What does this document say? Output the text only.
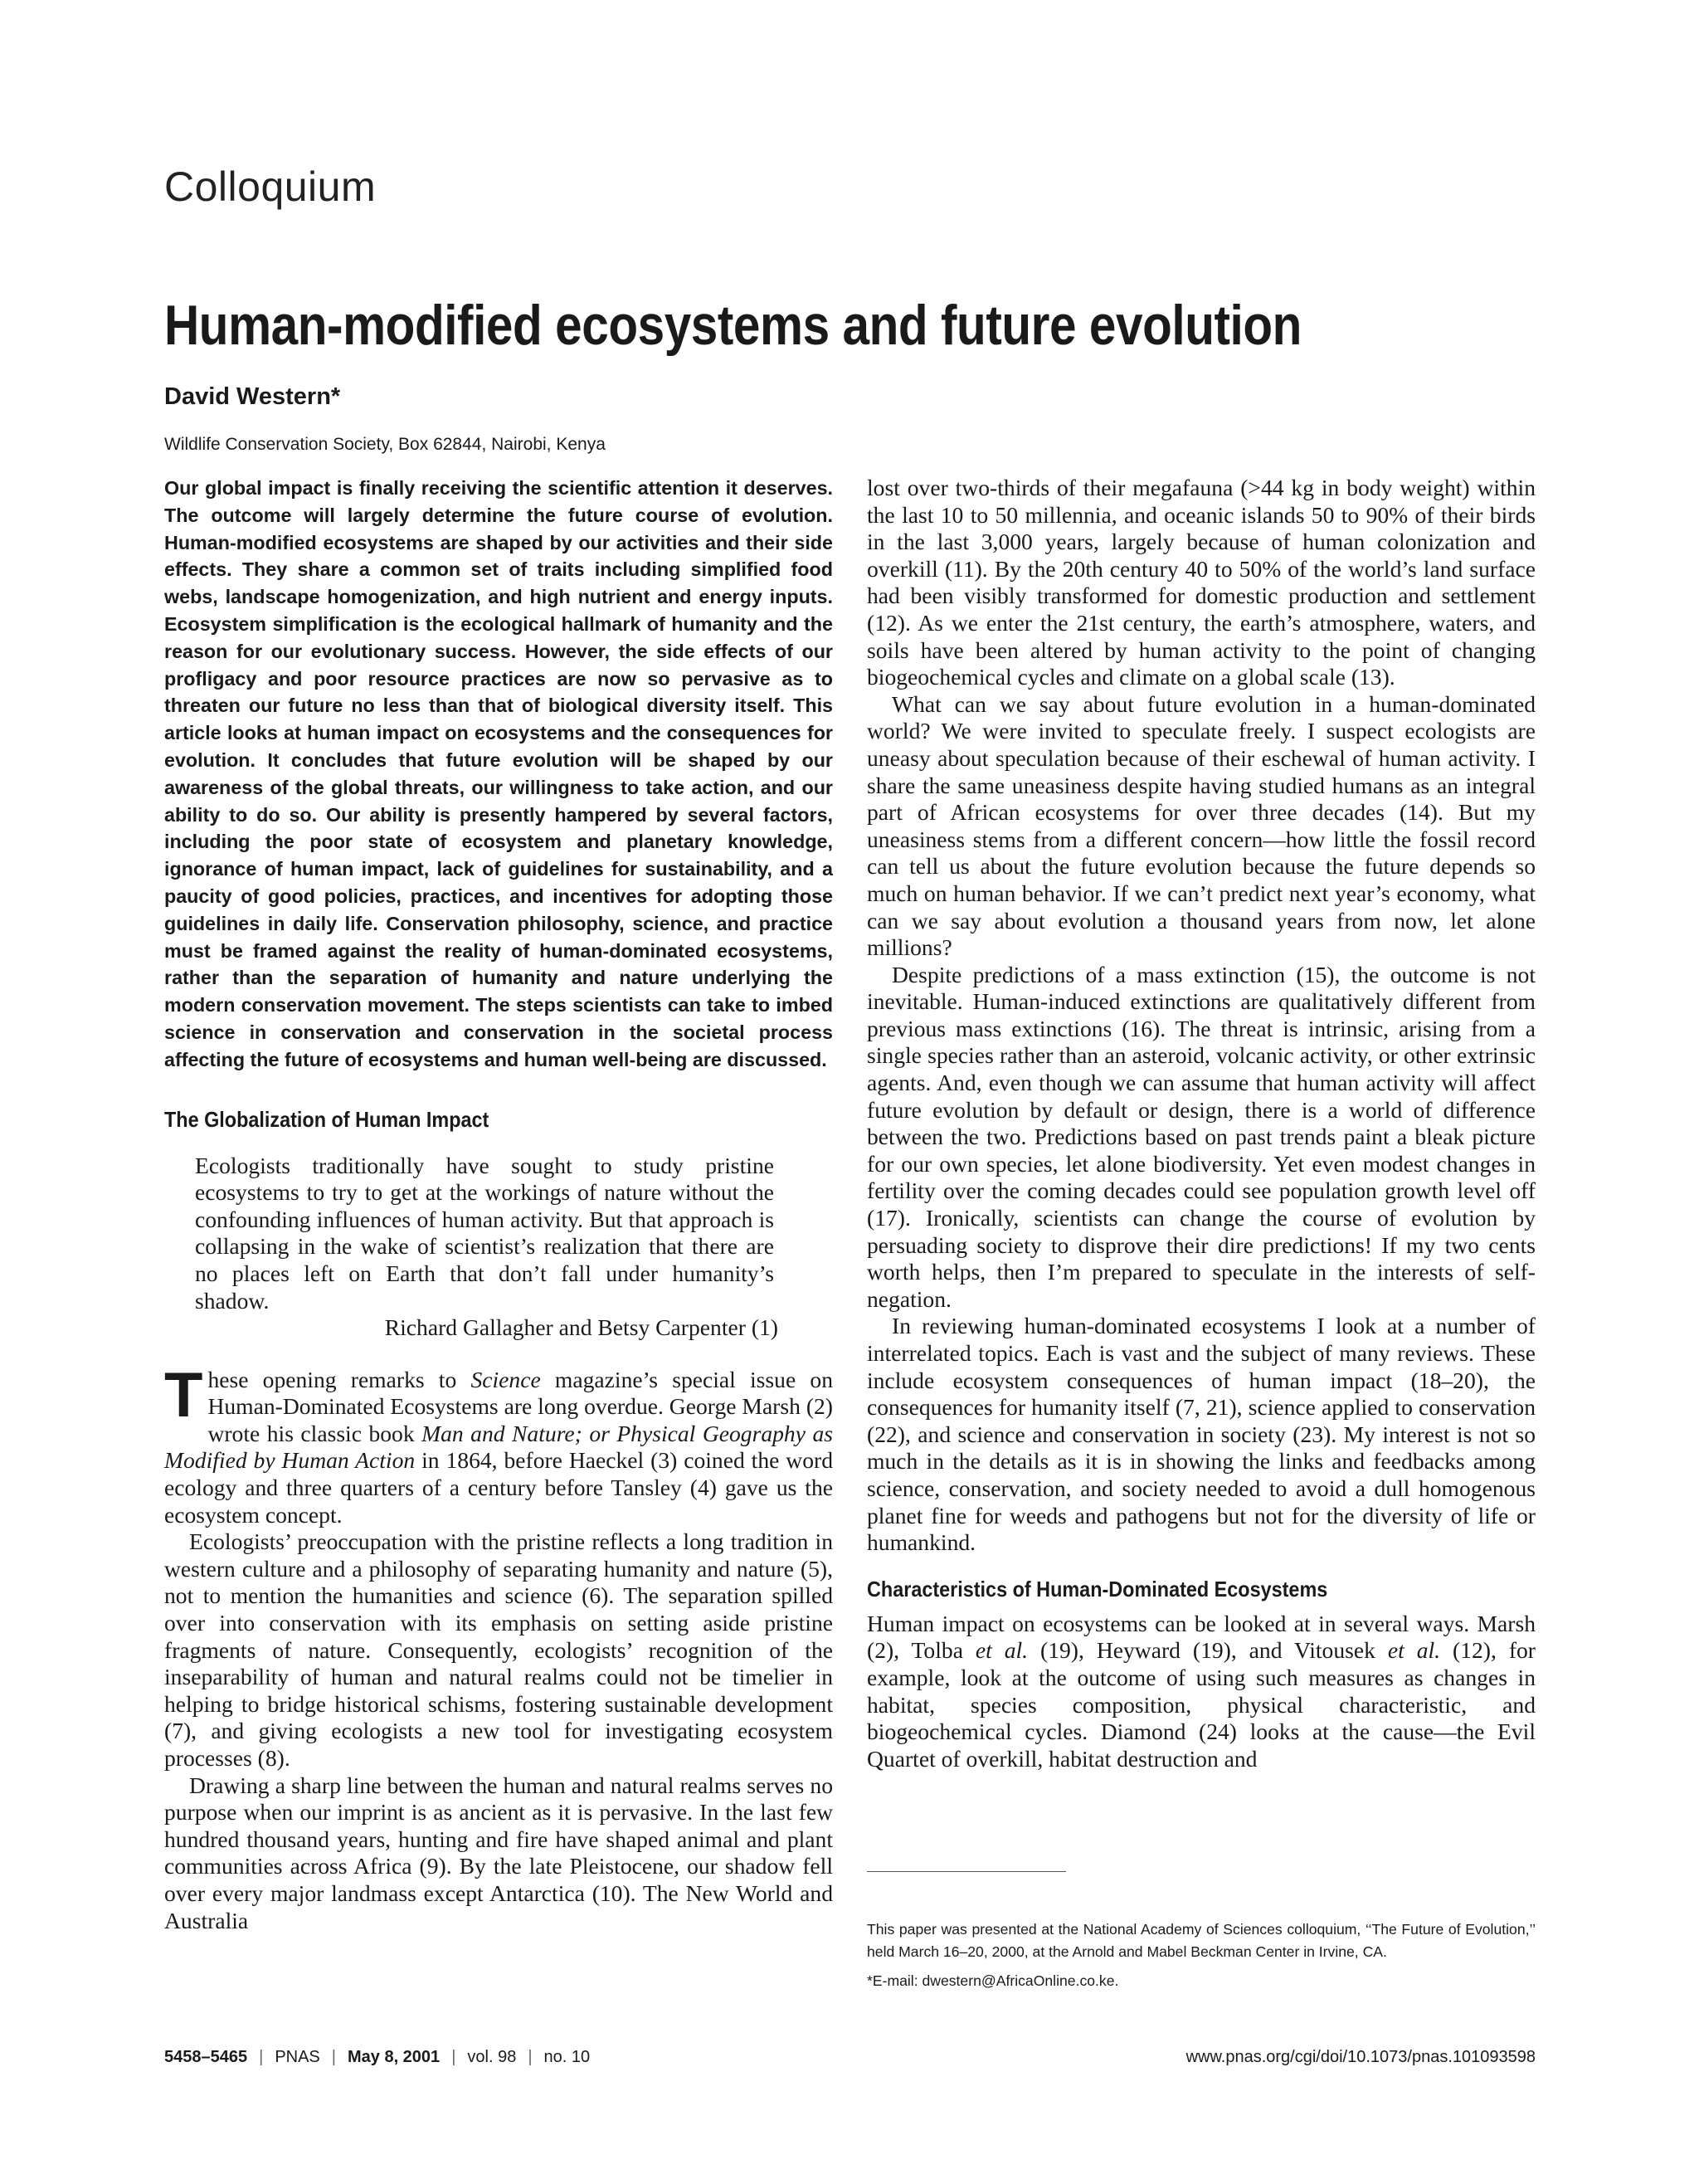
Colloquium
Human-modified ecosystems and future evolution
David Western*
Wildlife Conservation Society, Box 62844, Nairobi, Kenya

Our global impact is finally receiving the scientific attention it deserves. The outcome will largely determine the future course of evolution. Human-modified ecosystems are shaped by our activities and their side effects. They share a common set of traits including simplified food webs, landscape homogenization, and high nutrient and energy inputs. Ecosystem simplification is the ecological hallmark of humanity and the reason for our evolutionary success. However, the side effects of our profligacy and poor resource practices are now so pervasive as to threaten our future no less than that of biological diversity itself. This article looks at human impact on ecosystems and the consequences for evolution. It concludes that future evolution will be shaped by our awareness of the global threats, our willingness to take action, and our ability to do so. Our ability is presently hampered by several factors, including the poor state of ecosystem and planetary knowledge, ignorance of human impact, lack of guidelines for sustainability, and a paucity of good policies, practices, and incentives for adopting those guidelines in daily life. Conservation philosophy, science, and practice must be framed against the reality of human-dominated ecosystems, rather than the separation of humanity and nature underlying the modern conservation movement. The steps scientists can take to imbed science in conservation and conservation in the societal process affecting the future of ecosystems and human well-being are discussed.

The Globalization of Human Impact

Ecologists traditionally have sought to study pristine ecosystems to try to get at the workings of nature without the confounding influences of human activity. But that approach is collapsing in the wake of scientist’s realization that there are no places left on Earth that don’t fall under humanity’s shadow.

Richard Gallagher and Betsy Carpenter (1)

These opening remarks to Science magazine’s special issue on Human-Dominated Ecosystems are long overdue. George Marsh (2) wrote his classic book Man and Nature; or Physical Geography as Modified by Human Action in 1864, before Haeckel (3) coined the word ecology and three quarters of a century before Tansley (4) gave us the ecosystem concept.

Ecologists’ preoccupation with the pristine reflects a long tradition in western culture and a philosophy of separating humanity and nature (5), not to mention the humanities and science (6). The separation spilled over into conservation with its emphasis on setting aside pristine fragments of nature. Consequently, ecologists’ recognition of the inseparability of human and natural realms could not be timelier in helping to bridge historical schisms, fostering sustainable development (7), and giving ecologists a new tool for investigating ecosystem processes (8).

Drawing a sharp line between the human and natural realms serves no purpose when our imprint is as ancient as it is pervasive. In the last few hundred thousand years, hunting and fire have shaped animal and plant communities across Africa (9). By the late Pleistocene, our shadow fell over every major landmass except Antarctica (10). The New World and Australia

lost over two-thirds of their megafauna (>44 kg in body weight) within the last 10 to 50 millennia, and oceanic islands 50 to 90% of their birds in the last 3,000 years, largely because of human colonization and overkill (11). By the 20th century 40 to 50% of the world’s land surface had been visibly transformed for domestic production and settlement (12). As we enter the 21st century, the earth’s atmosphere, waters, and soils have been altered by human activity to the point of changing biogeochemical cycles and climate on a global scale (13).

What can we say about future evolution in a human-dominated world? We were invited to speculate freely. I suspect ecologists are uneasy about speculation because of their eschewal of human activity. I share the same uneasiness despite having studied humans as an integral part of African ecosystems for over three decades (14). But my uneasiness stems from a different concern—how little the fossil record can tell us about the future evolution because the future depends so much on human behavior. If we can’t predict next year’s economy, what can we say about evolution a thousand years from now, let alone millions?

Despite predictions of a mass extinction (15), the outcome is not inevitable. Human-induced extinctions are qualitatively different from previous mass extinctions (16). The threat is intrinsic, arising from a single species rather than an asteroid, volcanic activity, or other extrinsic agents. And, even though we can assume that human activity will affect future evolution by default or design, there is a world of difference between the two. Predictions based on past trends paint a bleak picture for our own species, let alone biodiversity. Yet even modest changes in fertility over the coming decades could see population growth level off (17). Ironically, scientists can change the course of evolution by persuading society to disprove their dire predictions! If my two cents worth helps, then I’m prepared to speculate in the interests of self-negation.

In reviewing human-dominated ecosystems I look at a number of interrelated topics. Each is vast and the subject of many reviews. These include ecosystem consequences of human impact (18–20), the consequences for humanity itself (7, 21), science applied to conservation (22), and science and conservation in society (23). My interest is not so much in the details as it is in showing the links and feedbacks among science, conservation, and society needed to avoid a dull homogenous planet fine for weeds and pathogens but not for the diversity of life or humankind.

Characteristics of Human-Dominated Ecosystems

Human impact on ecosystems can be looked at in several ways. Marsh (2), Tolba et al. (19), Heyward (19), and Vitousek et al. (12), for example, look at the outcome of using such measures as changes in habitat, species composition, physical characteristic, and biogeochemical cycles. Diamond (24) looks at the cause—the Evil Quartet of overkill, habitat destruction and

This paper was presented at the National Academy of Sciences colloquium, ‘‘The Future of Evolution,’’ held March 16–20, 2000, at the Arnold and Mabel Beckman Center in Irvine, CA.

*E-mail: dwestern@AfricaOnline.co.ke.

5458–5465 | PNAS | May 8, 2001 | vol. 98 | no. 10	www.pnas.org/cgi/doi/10.1073/pnas.101093598
